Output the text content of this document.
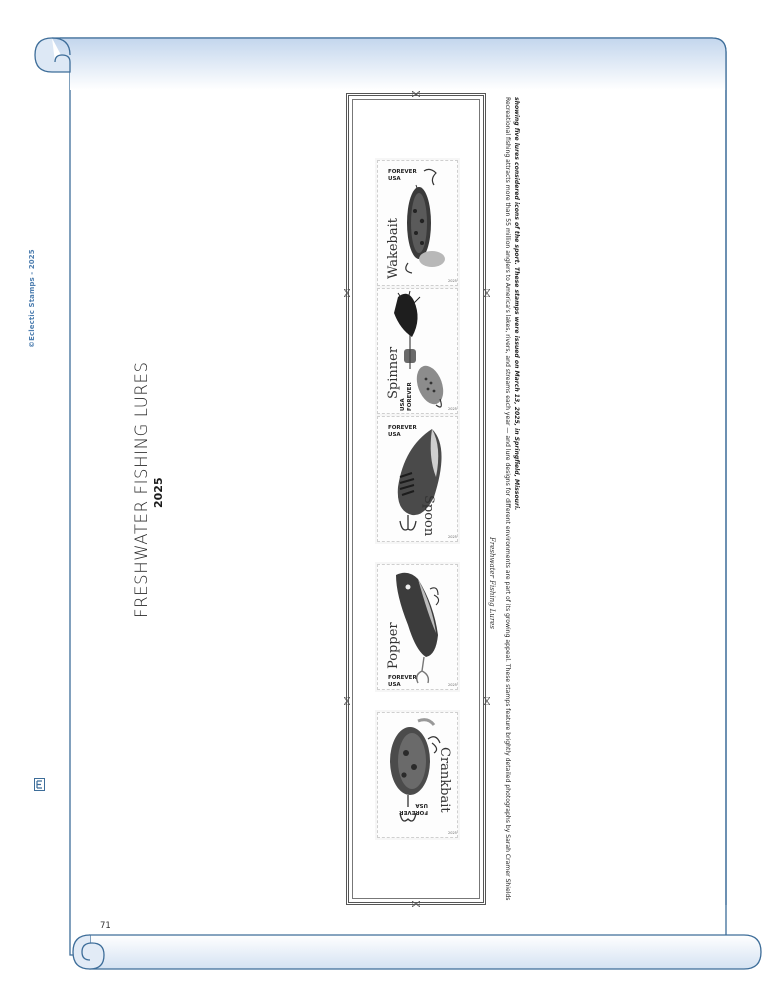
©Eclectic Stamps - 2025
FRESHWATER FISHING LURES 2025
71
FOREVER
USA
Wakebait
2025
Spinner
USA
FOREVER	2025
FOREVER
USA
Spoon
2025
Popper
FOREVER
USA	2025
Crankbait
FOREVER
USA
2025
Freshwater Fishing Lures Recreational fishing attracts more than 55 million anglers to America's lakes, rivers, and streams each year — and lure designs for different environments are part of its growing appeal. These stamps feature brightly detailed photographs by Sarah Cramer Shields showing five lures considered icons of the sport. These stamps were issued on March 13, 2025, in Springfield, Missouri.
